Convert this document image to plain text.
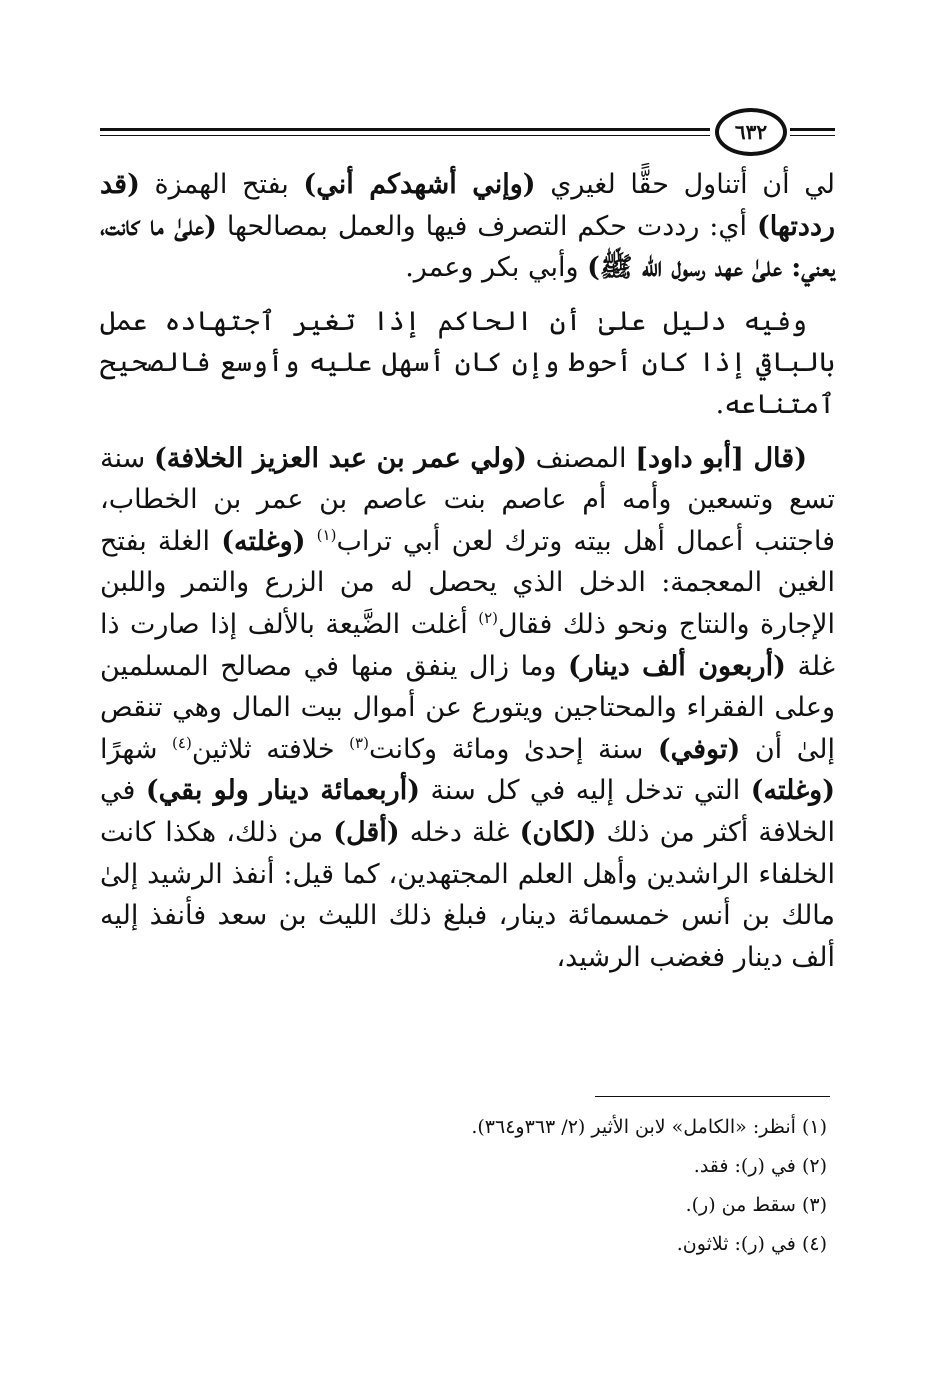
٦٣٢

لي أن أتناول حقًّا لغيري (وإني أشهدكم أني) بفتح الهمزة (قد رددتها) أي: رددت حكم التصرف فيها والعمل بمصالحها (علىٰ ما كانت، يعني: علىٰ عهد رسول الله ﷺ) وأبي بكر وعمر.

وفيه دليل علىٰ أن الحاكم إذا تغير ٱجتهاده عمل بالباقي إذا كان أحوط وإن كان أسهل عليه وأوسع فالصحيح ٱمتناعه.

(قال [أبو داود] المصنف (ولي عمر بن عبد العزيز الخلافة) سنة تسع وتسعين وأمه أم عاصم بنت عاصم بن عمر بن الخطاب، فاجتنب أعمال أهل بيته وترك لعن أبي تراب$^{(١)}$ (وغلته) الغلة بفتح الغين المعجمة: الدخل الذي يحصل له من الزرع والتمر واللبن الإجارة والنتاج ونحو ذلك فقال$^{(٢)}$ أغلت الضَّيعة بالألف إذا صارت ذا غلة (أربعون ألف دينار) وما زال ينفق منها في مصالح المسلمين وعلى الفقراء والمحتاجين ويتورع عن أموال بيت المال وهي تنقص إلىٰ أن (توفي) سنة إحدىٰ ومائة وكانت$^{(٣)}$ خلافته ثلاثين$^{(٤)}$ شهرًا (وغلته) التي تدخل إليه في كل سنة (أربعمائة دينار ولو بقي) في الخلافة أكثر من ذلك (لكان) غلة دخله (أقل) من ذلك، هكذا كانت الخلفاء الراشدين وأهل العلم المجتهدين، كما قيل: أنفذ الرشيد إلىٰ مالك بن أنس خمسمائة دينار، فبلغ ذلك الليث بن سعد فأنفذ إليه ألف دينار فغضب الرشيد،

(١) أنظر: «الكامل» لابن الأثير (٢/ ٣٦٣و٣٦٤).

(٢) في (ر): فقد.

(٣) سقط من (ر).

(٤) في (ر): ثلاثون.
